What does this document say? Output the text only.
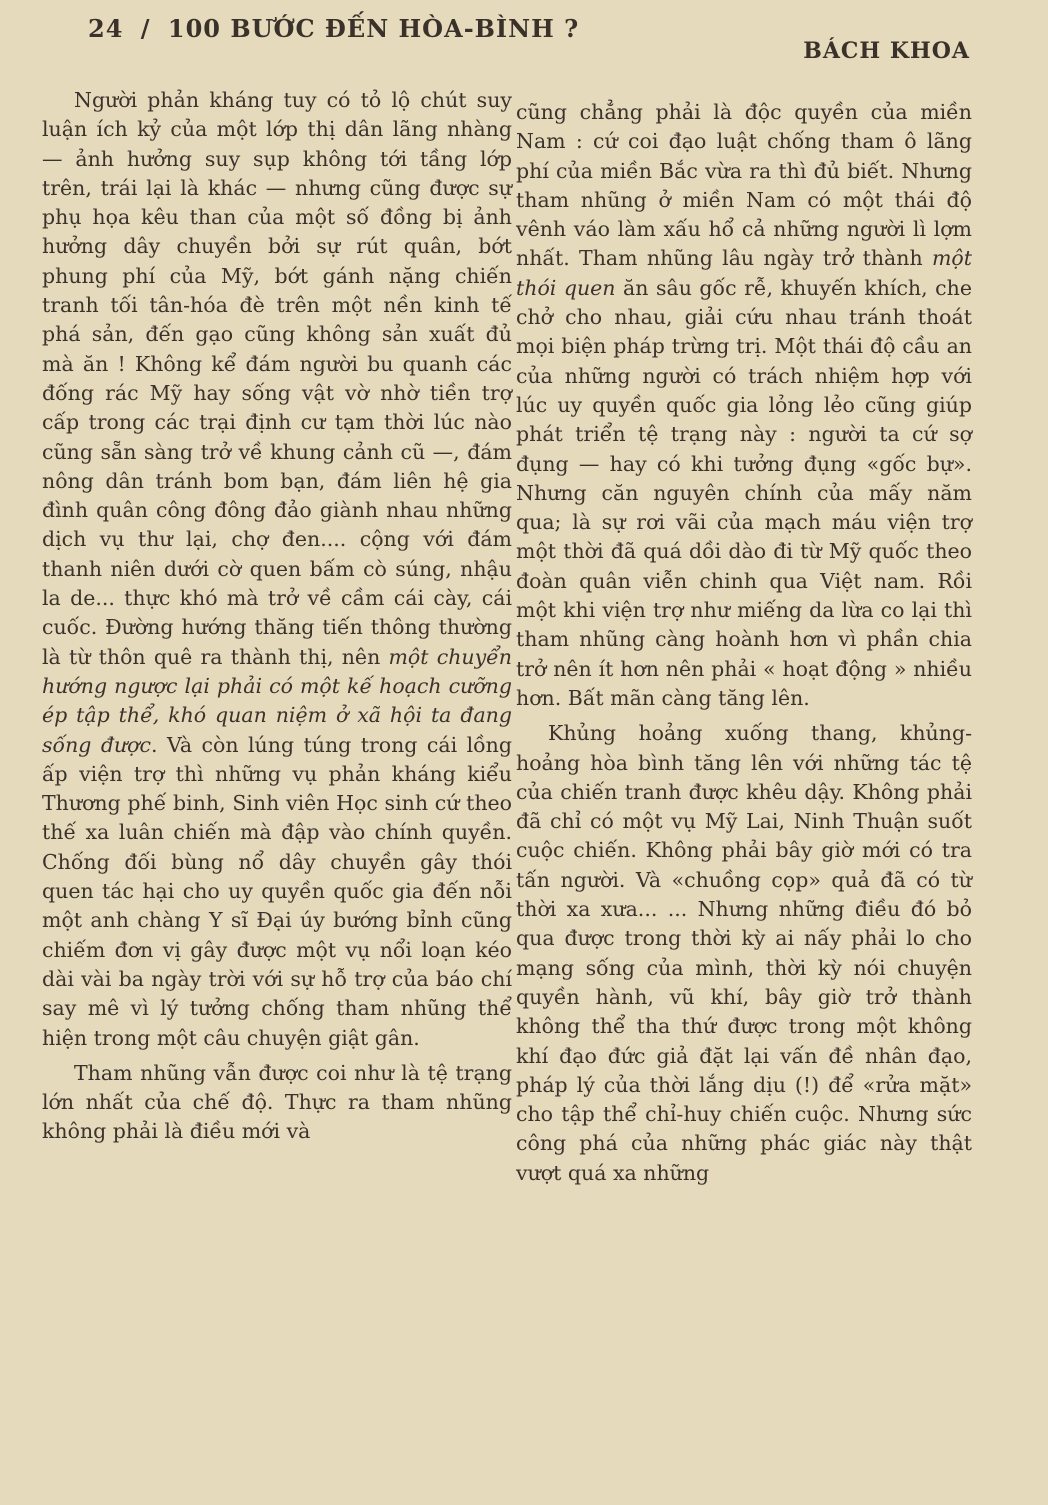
24 / 100 BƯỚC ĐẾN HÒA-BÌNH ?
BÁCH KHOA

Người phản kháng tuy có tỏ lộ chút suy luận ích kỷ của một lớp thị dân lãng nhàng — ảnh hưởng suy sụp không tới tầng lớp trên, trái lại là khác — nhưng cũng được sự phụ họa kêu than của một số đồng bị ảnh hưởng dây chuyền bởi sự rút quân, bớt phung phí của Mỹ, bớt gánh nặng chiến tranh tối tân-hóa đè trên một nền kinh tế phá sản, đến gạo cũng không sản xuất đủ mà ăn ! Không kể đám người bu quanh các đống rác Mỹ hay sống vật vờ nhờ tiền trợ cấp trong các trại định cư tạm thời lúc nào cũng sẵn sàng trở về khung cảnh cũ —, đám nông dân tránh bom bạn, đám liên hệ gia đình quân công đông đảo giành nhau những dịch vụ thư lại, chợ đen.... cộng với đám thanh niên dưới cờ quen bấm cò súng, nhậu la de... thực khó mà trở về cầm cái cày, cái cuốc. Đường hướng thăng tiến thông thường là từ thôn quê ra thành thị, nên một chuyển hướng ngược lại phải có một kế hoạch cưỡng ép tập thể, khó quan niệm ở xã hội ta đang sống được. Và còn lúng túng trong cái lồng ấp viện trợ thì những vụ phản kháng kiểu Thương phế binh, Sinh viên Học sinh cứ theo thế xa luân chiến mà đập vào chính quyền. Chống đối bùng nổ dây chuyền gây thói quen tác hại cho uy quyền quốc gia đến nỗi một anh chàng Y sĩ Đại úy bướng bỉnh cũng chiếm đơn vị gây được một vụ nổi loạn kéo dài vài ba ngày trời với sự hỗ trợ của báo chí say mê vì lý tưởng chống tham nhũng thể hiện trong một câu chuyện giật gân.

Tham nhũng vẫn được coi như là tệ trạng lớn nhất của chế độ. Thực ra tham nhũng không phải là điều mới và

cũng chẳng phải là độc quyền của miền Nam : cứ coi đạo luật chống tham ô lãng phí của miền Bắc vừa ra thì đủ biết. Nhưng tham nhũng ở miền Nam có một thái độ vênh váo làm xấu hổ cả những người lì lợm nhất. Tham nhũng lâu ngày trở thành một thói quen ăn sâu gốc rễ, khuyến khích, che chở cho nhau, giải cứu nhau tránh thoát mọi biện pháp trừng trị. Một thái độ cầu an của những người có trách nhiệm hợp với lúc uy quyền quốc gia lỏng lẻo cũng giúp phát triển tệ trạng này : người ta cứ sợ đụng — hay có khi tưởng đụng «gốc bự». Nhưng căn nguyên chính của mấy năm qua; là sự rơi vãi của mạch máu viện trợ một thời đã quá dồi dào đi từ Mỹ quốc theo đoàn quân viễn chinh qua Việt nam. Rồi một khi viện trợ như miếng da lừa co lại thì tham nhũng càng hoành hơn vì phần chia trở nên ít hơn nên phải « hoạt động » nhiều hơn. Bất mãn càng tăng lên.

Khủng hoảng xuống thang, khủng-hoảng hòa bình tăng lên với những tác tệ của chiến tranh được khêu dậy. Không phải đã chỉ có một vụ Mỹ Lai, Ninh Thuận suốt cuộc chiến. Không phải bây giờ mới có tra tấn người. Và «chuồng cọp» quả đã có từ thời xa xưa... ... Nhưng những điều đó bỏ qua được trong thời kỳ ai nấy phải lo cho mạng sống của mình, thời kỳ nói chuyện quyền hành, vũ khí, bây giờ trở thành không thể tha thứ được trong một không khí đạo đức giả đặt lại vấn đề nhân đạo, pháp lý của thời lắng dịu (!) để «rửa mặt» cho tập thể chỉ-huy chiến cuộc. Nhưng sức công phá của những phác giác này thật vượt quá xa những
